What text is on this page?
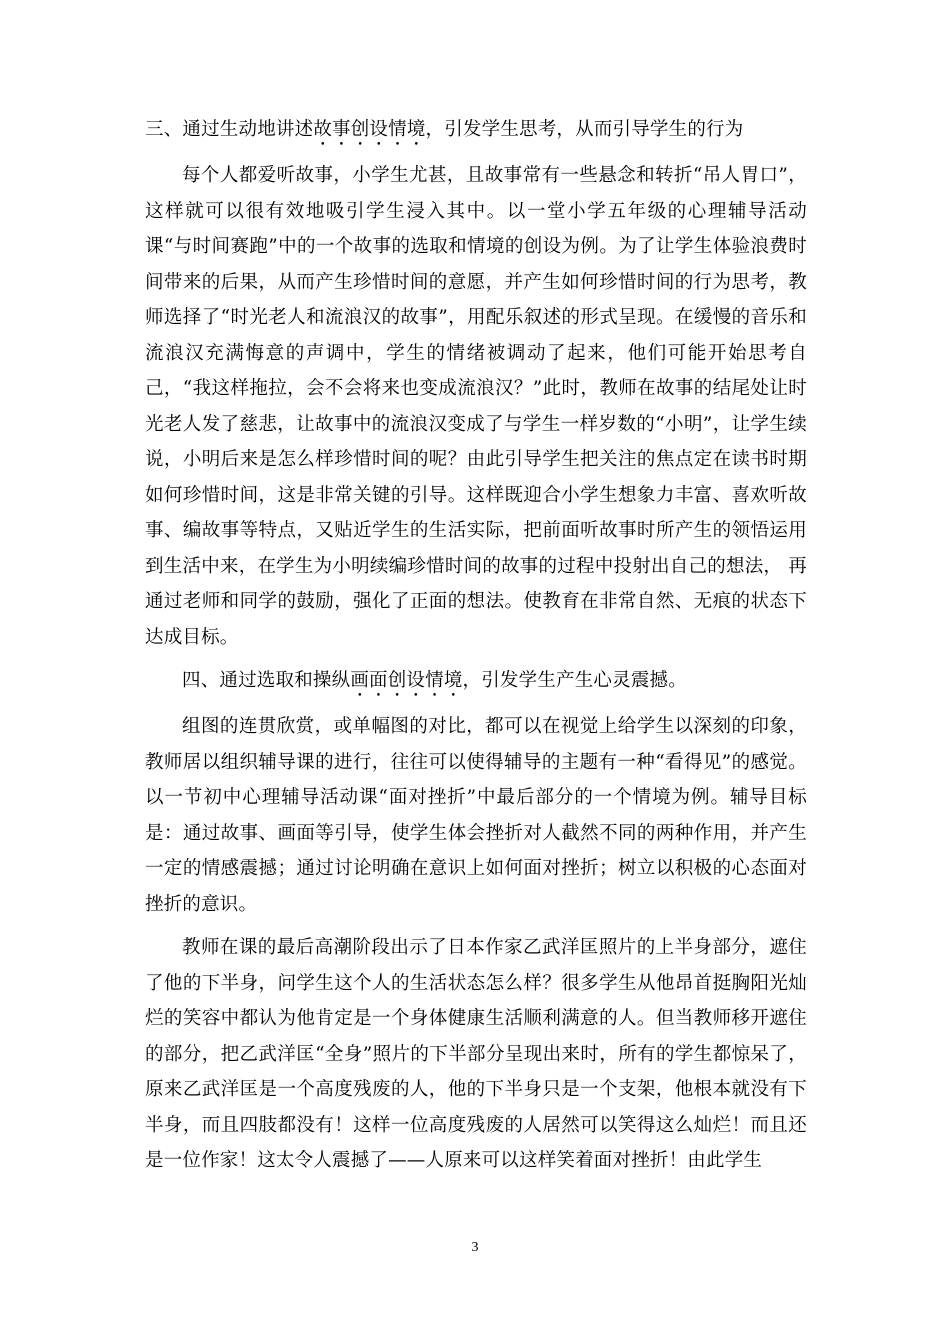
三、通过生动地讲述故事创设情境，引发学生思考，从而引导学生的行为

每个人都爱听故事，小学生尤甚，且故事常有一些悬念和转折“吊人胃口”，这样就可以很有效地吸引学生浸入其中。以一堂小学五年级的心理辅导活动课“与时间赛跑”中的一个故事的选取和情境的创设为例。为了让学生体验浪费时间带来的后果，从而产生珍惜时间的意愿，并产生如何珍惜时间的行为思考，教师选择了“时光老人和流浪汉的故事”，用配乐叙述的形式呈现。在缓慢的音乐和流浪汉充满悔意的声调中，学生的情绪被调动了起来，他们可能开始思考自己，“我这样拖拉，会不会将来也变成流浪汉？”此时，教师在故事的结尾处让时光老人发了慈悲，让故事中的流浪汉变成了与学生一样岁数的“小明”，让学生续说，小明后来是怎么样珍惜时间的呢？由此引导学生把关注的焦点定在读书时期如何珍惜时间，这是非常关键的引导。这样既迎合小学生想象力丰富、喜欢听故事、编故事等特点，又贴近学生的生活实际，把前面听故事时所产生的领悟运用到生活中来，在学生为小明续编珍惜时间的故事的过程中投射出自己的想法， 再通过老师和同学的鼓励，强化了正面的想法。使教育在非常自然、无痕的状态下达成目标。

四、通过选取和操纵画面创设情境，引发学生产生心灵震撼。

组图的连贯欣赏，或单幅图的对比，都可以在视觉上给学生以深刻的印象，教师居以组织辅导课的进行，往往可以使得辅导的主题有一种“看得见”的感觉。以一节初中心理辅导活动课“面对挫折”中最后部分的一个情境为例。辅导目标是：通过故事、画面等引导，使学生体会挫折对人截然不同的两种作用，并产生一定的情感震撼；通过讨论明确在意识上如何面对挫折；树立以积极的心态面对挫折的意识。

教师在课的最后高潮阶段出示了日本作家乙武洋匡照片的上半身部分，遮住了他的下半身，问学生这个人的生活状态怎么样？很多学生从他昂首挺胸阳光灿烂的笑容中都认为他肯定是一个身体健康生活顺利满意的人。但当教师移开遮住的部分，把乙武洋匡“全身”照片的下半部分呈现出来时，所有的学生都惊呆了，原来乙武洋匡是一个高度残废的人，他的下半身只是一个支架，他根本就没有下半身，而且四肢都没有！这样一位高度残废的人居然可以笑得这么灿烂！而且还是一位作家！这太令人震撼了——人原来可以这样笑着面对挫折！由此学生

3
